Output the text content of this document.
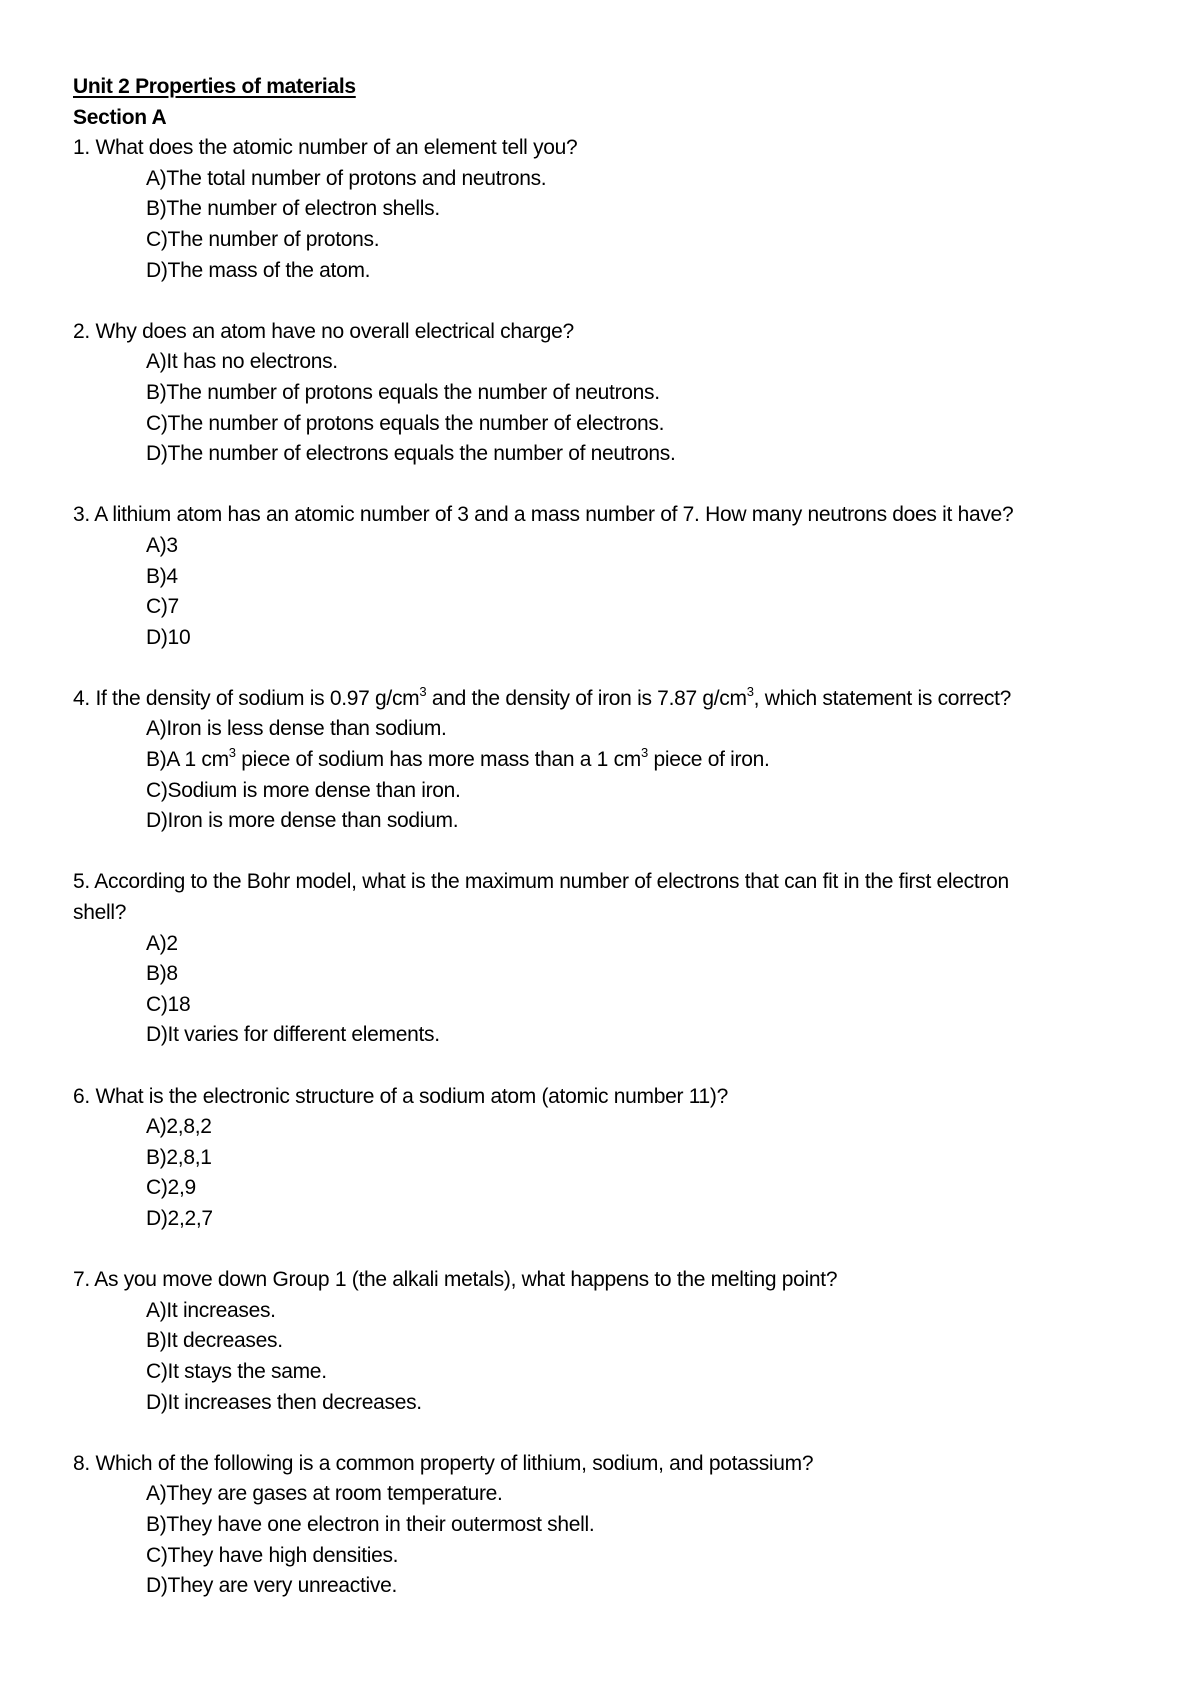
Unit 2 Properties of materials
Section A
1. What does the atomic number of an element tell you?
A)The total number of protons and neutrons.
B)The number of electron shells.
C)The number of protons.
D)The mass of the atom.
2. Why does an atom have no overall electrical charge?
A)It has no electrons.
B)The number of protons equals the number of neutrons.
C)The number of protons equals the number of electrons.
D)The number of electrons equals the number of neutrons.
3. A lithium atom has an atomic number of 3 and a mass number of 7. How many neutrons does it have?
A)3
B)4
C)7
D)10
4. If the density of sodium is 0.97 $g/cm^3$ and the density of iron is 7.87 $g/cm^3$, which statement is correct?
A)Iron is less dense than sodium.
B)A 1 $cm^3$ piece of sodium has more mass than a 1 $cm^3$ piece of iron.
C)Sodium is more dense than iron.
D)Iron is more dense than sodium.
5. According to the Bohr model, what is the maximum number of electrons that can fit in the first electron shell?
A)2
B)8
C)18
D)It varies for different elements.
6. What is the electronic structure of a sodium atom (atomic number 11)?
A)2,8,2
B)2,8,1
C)2,9
D)2,2,7
7. As you move down Group 1 (the alkali metals), what happens to the melting point?
A)It increases.
B)It decreases.
C)It stays the same.
D)It increases then decreases.
8. Which of the following is a common property of lithium, sodium, and potassium?
A)They are gases at room temperature.
B)They have one electron in their outermost shell.
C)They have high densities.
D)They are very unreactive.
